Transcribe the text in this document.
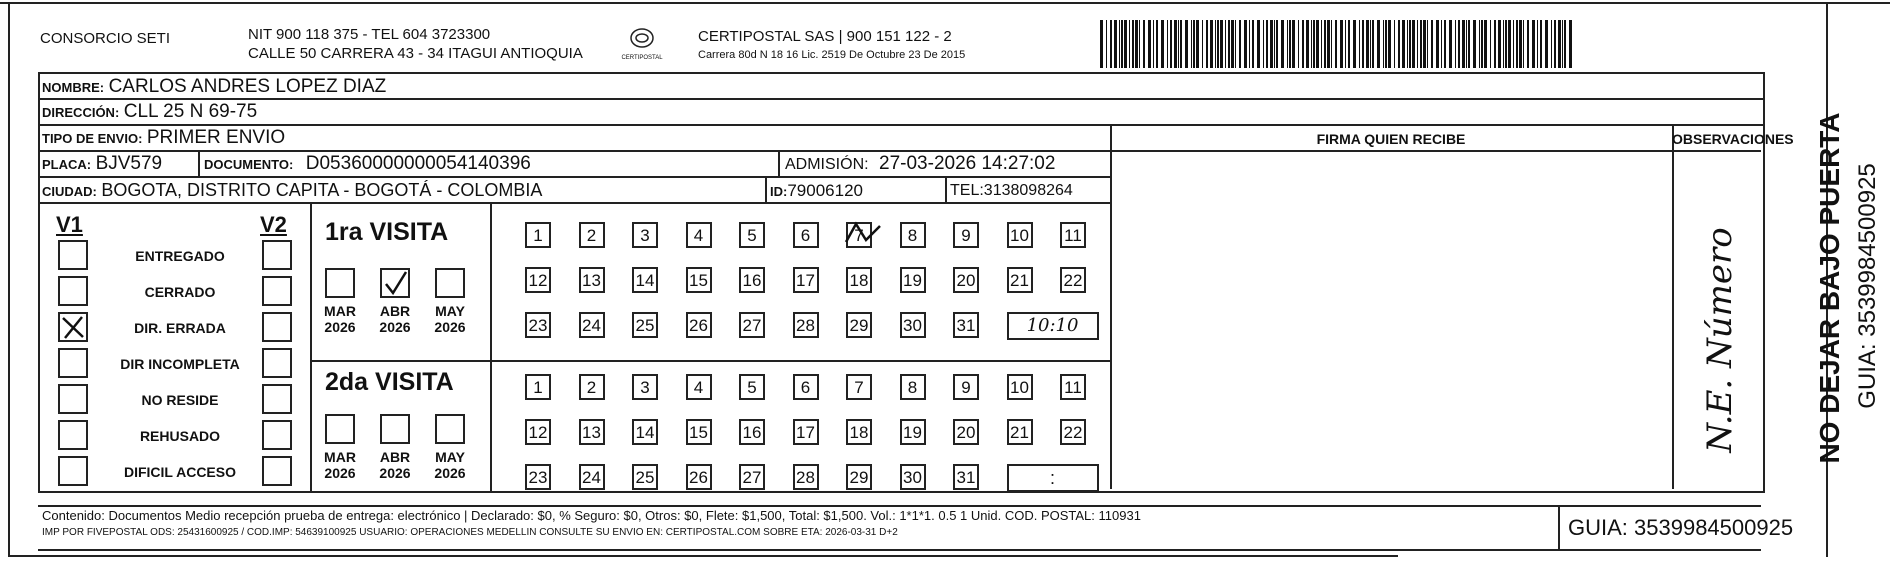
CONSORCIO SETI	NIT 900 118 375 - TEL 604 3723300
CALLE 50 CARRERA 43 - 34 ITAGUI ANTIOQUIA	CERTIPOSTAL
CERTIPOSTAL SAS | 900 151 122 - 2
Carrera 80d N 18 16 Lic. 2519 De Octubre 23 De 2015
NOMBRE: CARLOS ANDRES LOPEZ DIAZ
DIRECCIÓN: CLL 25 N 69-75
TIPO DE ENVIO: PRIMER ENVIO
PLACA: BJV579	DOCUMENTO: D05360000000054140396	ADMISIÓN: 27-03-2026 14:27:02
CIUDAD: BOGOTA, DISTRITO CAPITA - BOGOTÁ - COLOMBIA	ID:79006120	TEL:3138098264
FIRMA QUIEN RECIBE	OBSERVACIONES
N.E. Número
V1	V2
ENTREGADO
CERRADO
DIR. ERRADA
DIR INCOMPLETA
NO RESIDE
REHUSADO
DIFICIL ACCESO
1ra VISITA
2da VISITA
MAR
2026
ABR
2026
MAY
2026
MAR
2026
ABR
2026
MAY
2026
1	2	3	4	5	6	7	8	9	10 11
12 13 14 15 16 17 18 19 20 21 22
23 24 25 26 27 28 29 30 31	10:10
1	2	3	4	5	6	7	8	9	10 11
12 13 14 15 16 17 18 19 20 21 22
23 24 25 26 27 28 29 30 31	:
Contenido: Documentos Medio recepción prueba de entrega: electrónico | Declarado: $0, % Seguro: $0, Otros: $0, Flete: $1,500, Total: $1,500. Vol.: 1*1*1. 0.5 1 Unid. COD. POSTAL: 110931
IMP POR FIVEPOSTAL ODS: 25431600925 / COD.IMP: 54639100925 USUARIO: OPERACIONES MEDELLIN CONSULTE SU ENVIO EN: CERTIPOSTAL.COM SOBRE ETA: 2026-03-31 D+2	GUIA: 3539984500925
NO DEJAR BAJO PUERTA GUIA: 3539984500925
